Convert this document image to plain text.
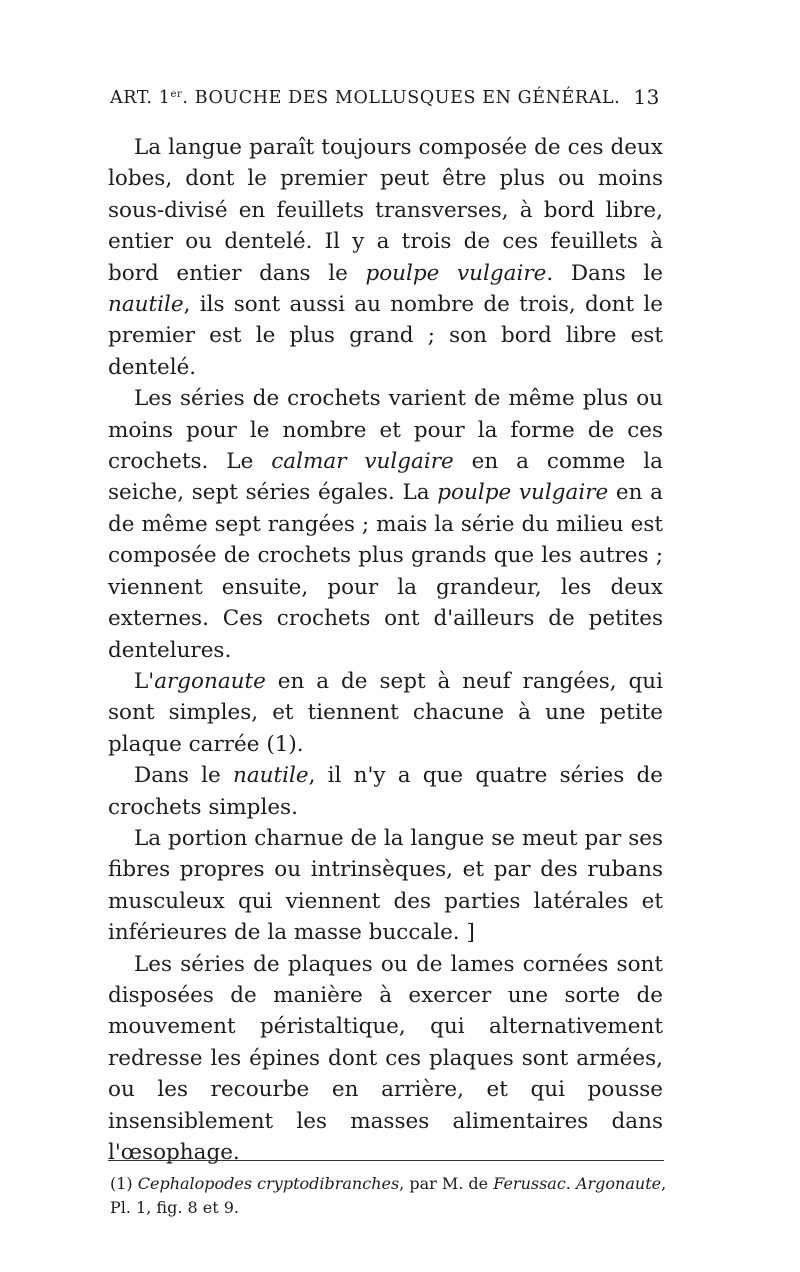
ART. 1er. BOUCHE DES MOLLUSQUES EN GÉNÉRAL. 13

La langue paraît toujours composée de ces deux lobes, dont le premier peut être plus ou moins sous-divisé en feuillets transverses, à bord libre, entier ou dentelé. Il y a trois de ces feuillets à bord entier dans le poulpe vulgaire. Dans le nautile, ils sont aussi au nombre de trois, dont le premier est le plus grand ; son bord libre est dentelé.

Les séries de crochets varient de même plus ou moins pour le nombre et pour la forme de ces crochets. Le calmar vulgaire en a comme la seiche, sept séries égales. La poulpe vulgaire en a de même sept rangées ; mais la série du milieu est composée de crochets plus grands que les autres ; viennent ensuite, pour la grandeur, les deux externes. Ces crochets ont d'ailleurs de petites dentelures.

L'argonaute en a de sept à neuf rangées, qui sont simples, et tiennent chacune à une petite plaque carrée (1).

Dans le nautile, il n'y a que quatre séries de crochets simples.

La portion charnue de la langue se meut par ses fibres propres ou intrinsèques, et par des rubans musculeux qui viennent des parties latérales et inférieures de la masse buccale. ]

Les séries de plaques ou de lames cornées sont disposées de manière à exercer une sorte de mouvement péristaltique, qui alternativement redresse les épines dont ces plaques sont armées, ou les recourbe en arrière, et qui pousse insensiblement les masses alimentaires dans l'œsophage.

(1) Cephalopodes cryptodibranches, par M. de Ferussac. Argonaute, Pl. 1, fig. 8 et 9.
